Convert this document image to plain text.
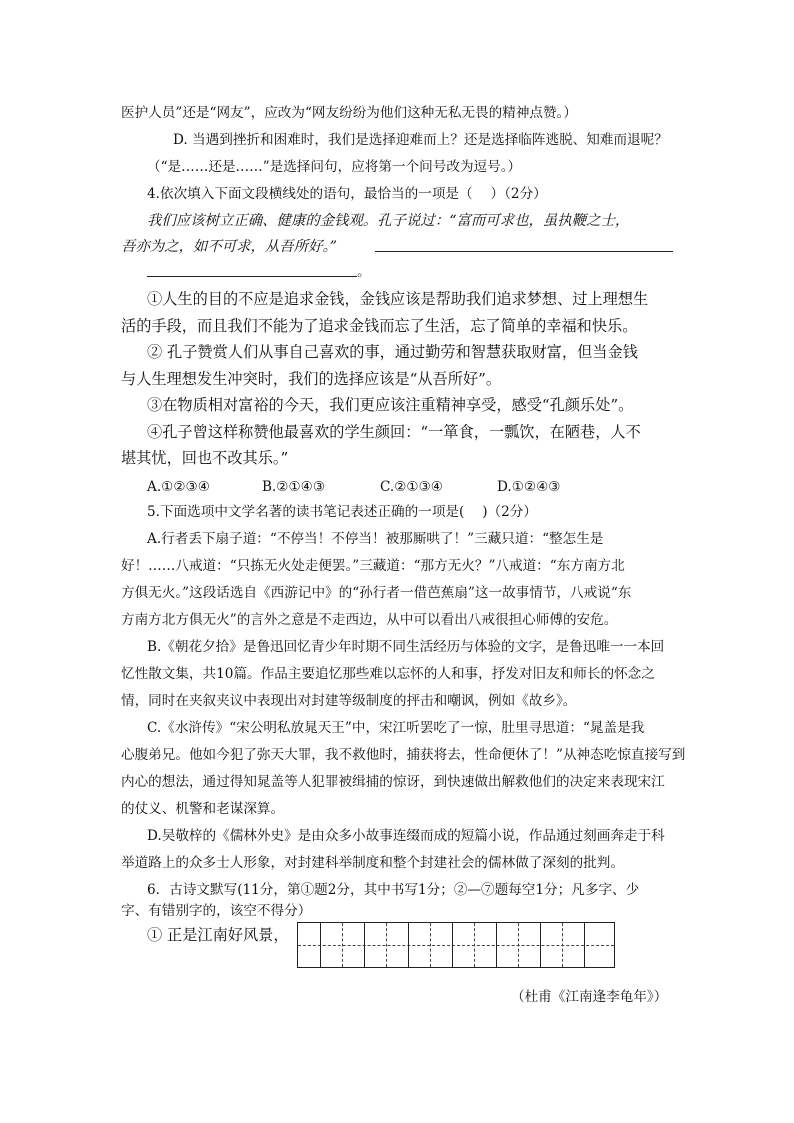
医护人员”还是“网友”，应改为“网友纷纷为他们这种无私无畏的精神点赞。）
D. 当遇到挫折和困难时，我们是选择迎难而上？还是选择临阵逃脱、知难而退呢？
（“是……还是……”是选择问句，应将第一个问号改为逗号。）
4.依次填入下面文段横线处的语句，最恰当的一项是（　 ）（2分）
我们应该树立正确、健康的金钱观。孔子说过：“富而可求也，虽执鞭之士，
吾亦为之，如不可求，从吾所好。”
。
①人生的目的不应是追求金钱，金钱应该是帮助我们追求梦想、过上理想生
活的手段，而且我们不能为了追求金钱而忘了生活，忘了简单的幸福和快乐。
② 孔子赞赏人们从事自己喜欢的事，通过勤劳和智慧获取财富，但当金钱
与人生理想发生冲突时，我们的选择应该是“从吾所好”。
③在物质相对富裕的今天，我们更应该注重精神享受，感受“孔颜乐处”。
④孔子曾这样称赞他最喜欢的学生颜回：“一箪食，一瓢饮，在陋巷，人不
堪其忧，回也不改其乐。”
A.①②③④	B.②①④③	C.②①③④	D.①②④③
5.下面选项中文学名著的读书笔记表述正确的一项是(　 )（2分）
A.行者丢下扇子道：“不停当！不停当！被那厮哄了！”三藏只道：“整怎生是
好！……八戒道：“只拣无火处走便罢。”三藏道：“那方无火？”八戒道：“东方南方北
方俱无火。”这段话选自《西游记中》的“孙行者一借芭蕉扇”这一故事情节，八戒说“东
方南方北方俱无火”的言外之意是不走西边，从中可以看出八戒很担心师傅的安危。
B.《朝花夕拾》是鲁迅回忆青少年时期不同生活经历与体验的文字，是鲁迅唯一一本回
忆性散文集，共10篇。作品主要追忆那些难以忘怀的人和事，抒发对旧友和师长的怀念之
情，同时在夹叙夹议中表现出对封建等级制度的抨击和嘲讽，例如《故乡》。
C.《水浒传》“宋公明私放晁天王”中，宋江听罢吃了一惊，肚里寻思道：“晁盖是我
心腹弟兄。他如今犯了弥天大罪，我不救他时，捕获将去，性命便休了！”从神态吃惊直接写到
内心的想法，通过得知晁盖等人犯罪被缉捕的惊讶，到快速做出解救他们的决定来表现宋江
的仗义、机警和老谋深算。
D.吴敬梓的《儒林外史》是由众多小故事连缀而成的短篇小说，作品通过刻画奔走于科
举道路上的众多士人形象，对封建科举制度和整个封建社会的儒林做了深刻的批判。
6．古诗文默写(11分，第①题2分，其中书写1分；②—⑦题每空1分；凡多字、少
字、有错别字的，该空不得分）
① 正是江南好风景，
（杜甫《江南逢李龟年》）
